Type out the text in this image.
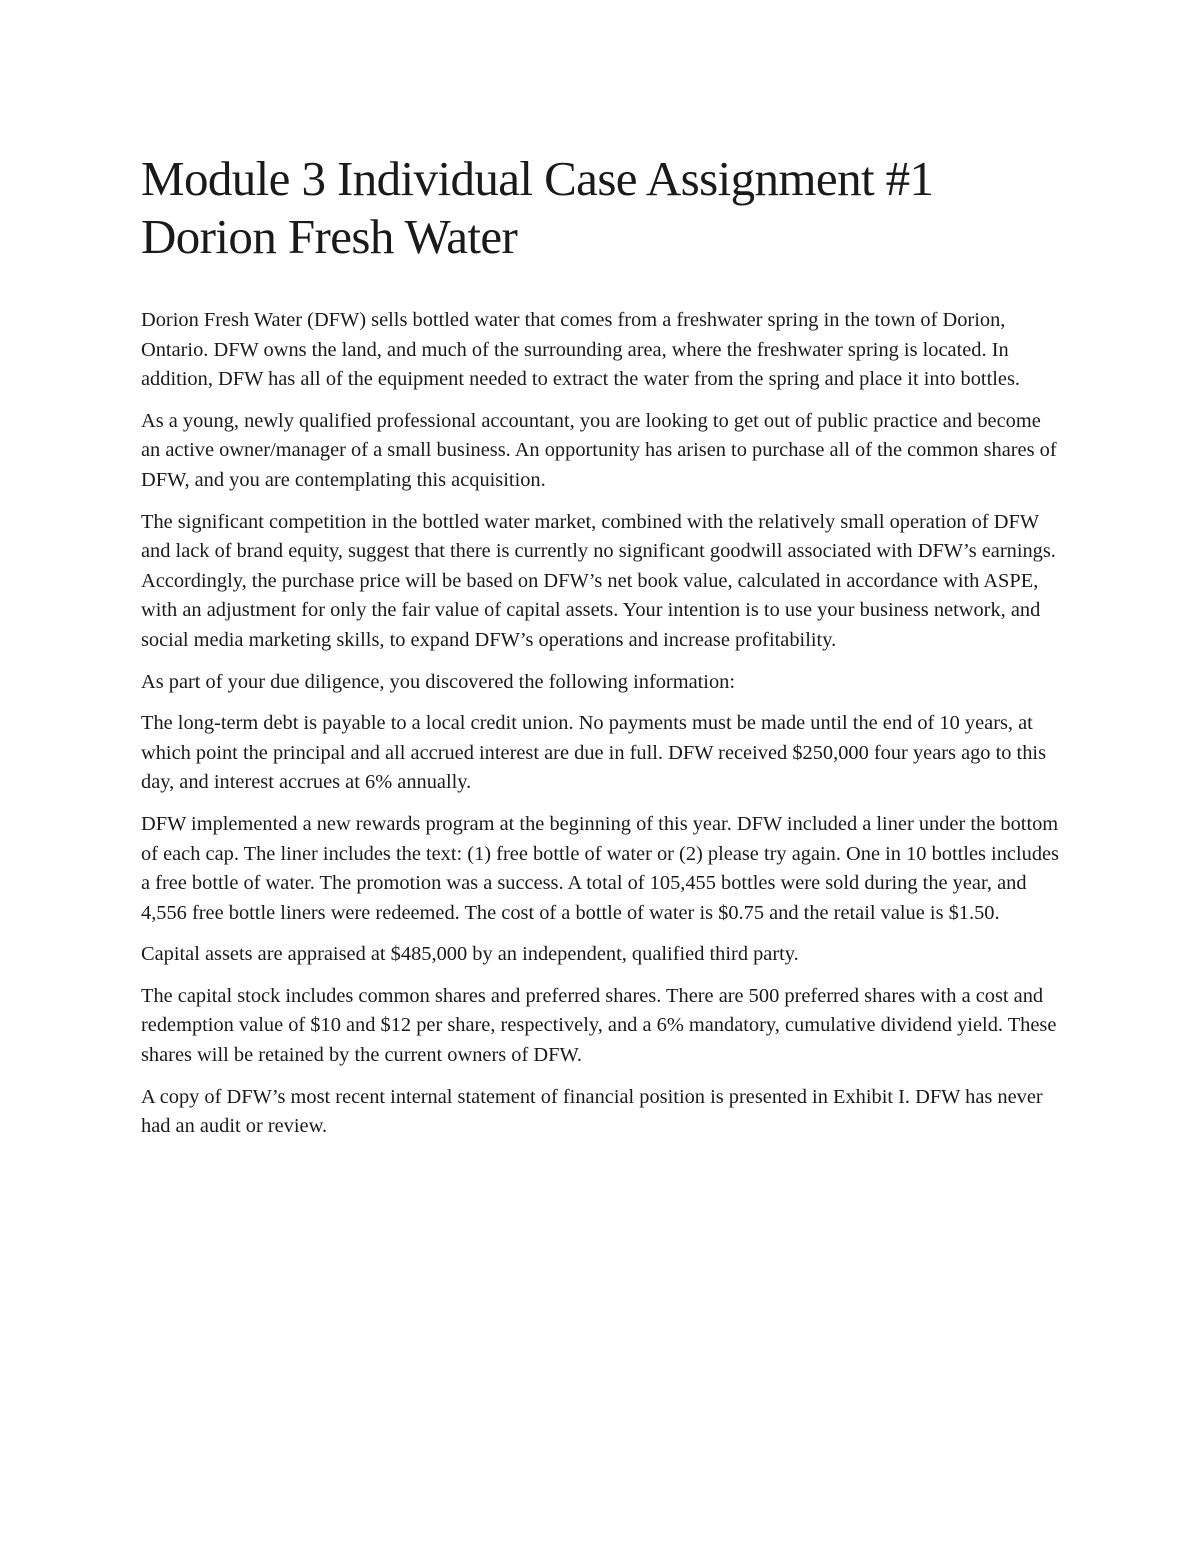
Module 3 Individual Case Assignment #1
Dorion Fresh Water

Dorion Fresh Water (DFW) sells bottled water that comes from a freshwater spring in the town of Dorion, Ontario. DFW owns the land, and much of the surrounding area, where the freshwater spring is located. In addition, DFW has all of the equipment needed to extract the water from the spring and place it into bottles.

As a young, newly qualified professional accountant, you are looking to get out of public practice and become an active owner/manager of a small business. An opportunity has arisen to purchase all of the common shares of DFW, and you are contemplating this acquisition.

The significant competition in the bottled water market, combined with the relatively small operation of DFW and lack of brand equity, suggest that there is currently no significant goodwill associated with DFW’s earnings. Accordingly, the purchase price will be based on DFW’s net book value, calculated in accordance with ASPE, with an adjustment for only the fair value of capital assets. Your intention is to use your business network, and social media marketing skills, to expand DFW’s operations and increase profitability.

As part of your due diligence, you discovered the following information:

The long-term debt is payable to a local credit union. No payments must be made until the end of 10 years, at which point the principal and all accrued interest are due in full. DFW received $250,000 four years ago to this day, and interest accrues at 6% annually.

DFW implemented a new rewards program at the beginning of this year. DFW included a liner under the bottom of each cap. The liner includes the text: (1) free bottle of water or (2) please try again. One in 10 bottles includes a free bottle of water. The promotion was a success. A total of 105,455 bottles were sold during the year, and 4,556 free bottle liners were redeemed. The cost of a bottle of water is $0.75 and the retail value is $1.50.

Capital assets are appraised at $485,000 by an independent, qualified third party.

The capital stock includes common shares and preferred shares. There are 500 preferred shares with a cost and redemption value of $10 and $12 per share, respectively, and a 6% mandatory, cumulative dividend yield. These shares will be retained by the current owners of DFW.

A copy of DFW’s most recent internal statement of financial position is presented in Exhibit I. DFW has never had an audit or review.
